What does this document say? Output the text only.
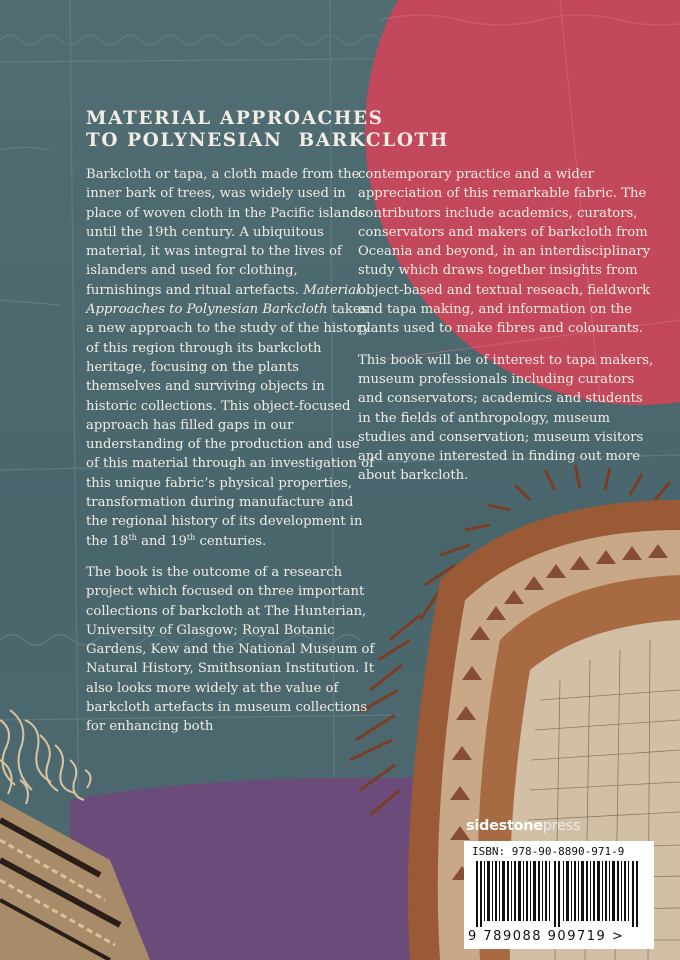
MATERIAL APPROACHES
TO POLYNESIAN  BARKCLOTH

Barkcloth or tapa, a cloth made from the inner bark of trees, was widely used in place of woven cloth in the Pacific islands until the 19th century. A ubiquitous material, it was integral to the lives of islanders and used for clothing, furnishings and ritual artefacts. Material Approaches to Polynesian Barkcloth takes a new approach to the study of the history of this region through its barkcloth heritage, focusing on the plants themselves and surviving objects in historic collections. This object-focused approach has filled gaps in our understanding of the production and use of this material through an investigation of this unique fabric’s physical properties, transformation during manufacture and the regional history of its development in the 18th and 19th centuries.

The book is the outcome of a research project which focused on three important collections of barkcloth at The Hunterian, University of Glasgow; Royal Botanic Gardens, Kew and the National Museum of Natural History, Smithsonian Institution. It also looks more widely at the value of barkcloth artefacts in museum collections for enhancing both

contemporary practice and a wider appreciation of this remarkable fabric. The contributors include academics, curators, conservators and makers of barkcloth from Oceania and beyond, in an interdisciplinary study which draws together insights from object-based and textual reseach, fieldwork and tapa making, and information on the plants used to make fibres and colourants.

This book will be of interest to tapa makers, museum professionals including curators and conservators; academics and students in the fields of anthropology, museum studies and conservation; museum visitors and anyone interested in finding out more about barkcloth.

sidestonepress
ISBN: 978-90-8890-971-9
9 789088 909719 >
